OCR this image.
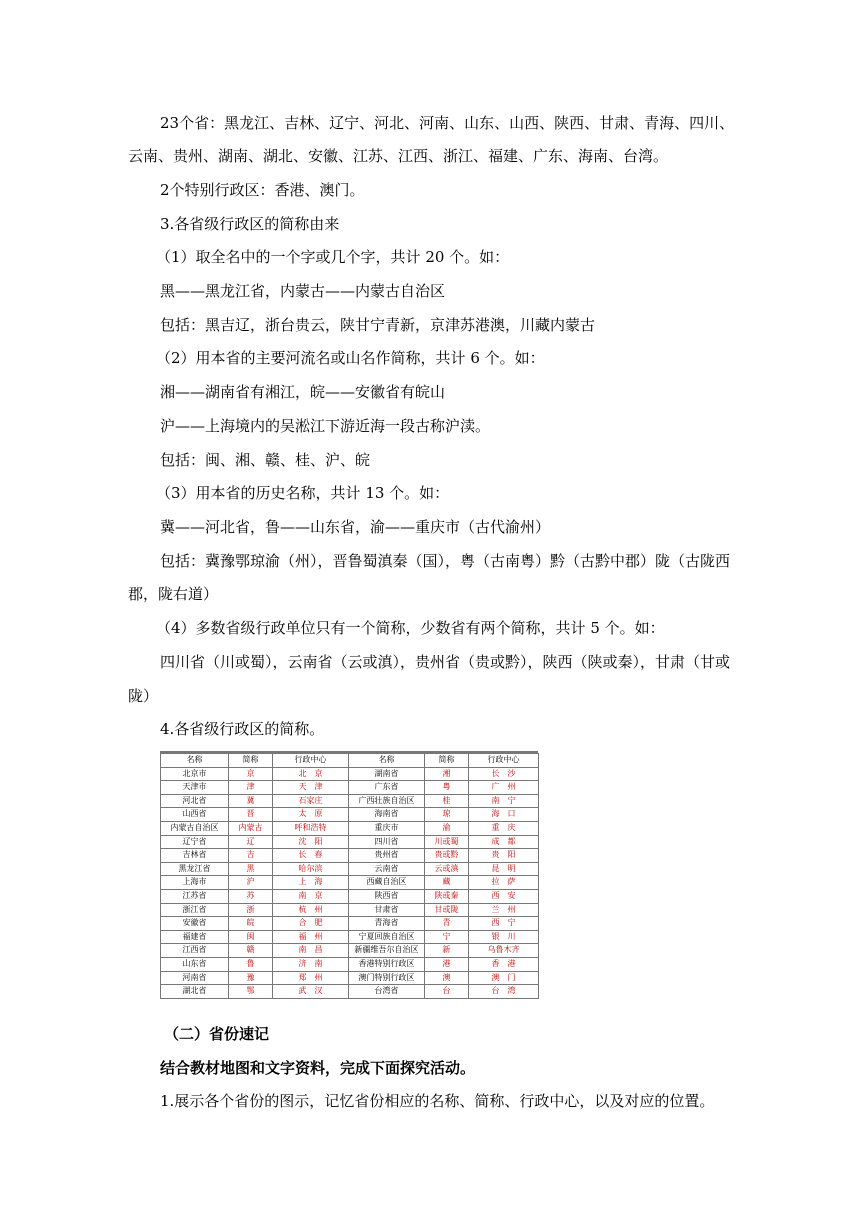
23个省：黑龙江、吉林、辽宁、河北、河南、山东、山西、陕西、甘肃、青海、四川、
云南、贵州、湖南、湖北、安徽、江苏、江西、浙江、福建、广东、海南、台湾。
2个特别行政区：香港、澳门。
3.各省级行政区的简称由来
（1）取全名中的一个字或几个字，共计 20 个。如：
黑——黑龙江省，内蒙古——内蒙古自治区
包括：黑吉辽，浙台贵云，陕甘宁青新，京津苏港澳，川藏内蒙古
（2）用本省的主要河流名或山名作简称，共计 6 个。如：
湘——湖南省有湘江，皖——安徽省有皖山
沪——上海境内的吴淞江下游近海一段古称沪渎。
包括：闽、湘、赣、桂、沪、皖
（3）用本省的历史名称，共计 13 个。如：
冀——河北省，鲁——山东省，渝——重庆市（古代渝州）
包括：冀豫鄂琼渝（州），晋鲁蜀滇秦（国），粤（古南粤）黔（古黔中郡）陇（古陇西
郡，陇右道）
（4）多数省级行政单位只有一个简称，少数省有两个简称，共计 5 个。如：
四川省（川或蜀），云南省（云或滇），贵州省（贵或黔），陕西（陕或秦），甘肃（甘或
陇）
4.各省级行政区的简称。
名称	简称	行政中心	名称	简称	行政中心
北京市	京	北　京	湖南省	湘	长　沙
天津市	津	天　津	广东省	粤	广　州
河北省	冀	石家庄	广西壮族自治区	桂	南　宁
山西省	晋	太　原	海南省	琼	海　口
内蒙古自治区	内蒙古	呼和浩特	重庆市	渝	重　庆
辽宁省	辽	沈　阳	四川省	川或蜀	成　都
吉林省	吉	长　春	贵州省	贵或黔	贵　阳
黑龙江省	黑	哈尔滨	云南省	云或滇	昆　明
上海市	沪	上　海	西藏自治区	藏	拉　萨
江苏省	苏	南　京	陕西省	陕或秦	西　安
浙江省	浙	杭　州	甘肃省	甘或陇	兰　州
安徽省	皖	合　肥	青海省	青	西　宁
福建省	闽	福　州	宁夏回族自治区	宁	银　川
江西省	赣	南　昌	新疆维吾尔自治区	新	乌鲁木齐
山东省	鲁	济　南	香港特别行政区	港	香　港
河南省	豫	郑　州	澳门特别行政区	澳	澳　门
湖北省	鄂	武　汉	台湾省	台	台　湾
（二）省份速记
结合教材地图和文字资料，完成下面探究活动。
1.展示各个省份的图示，记忆省份相应的名称、简称、行政中心，以及对应的位置。
